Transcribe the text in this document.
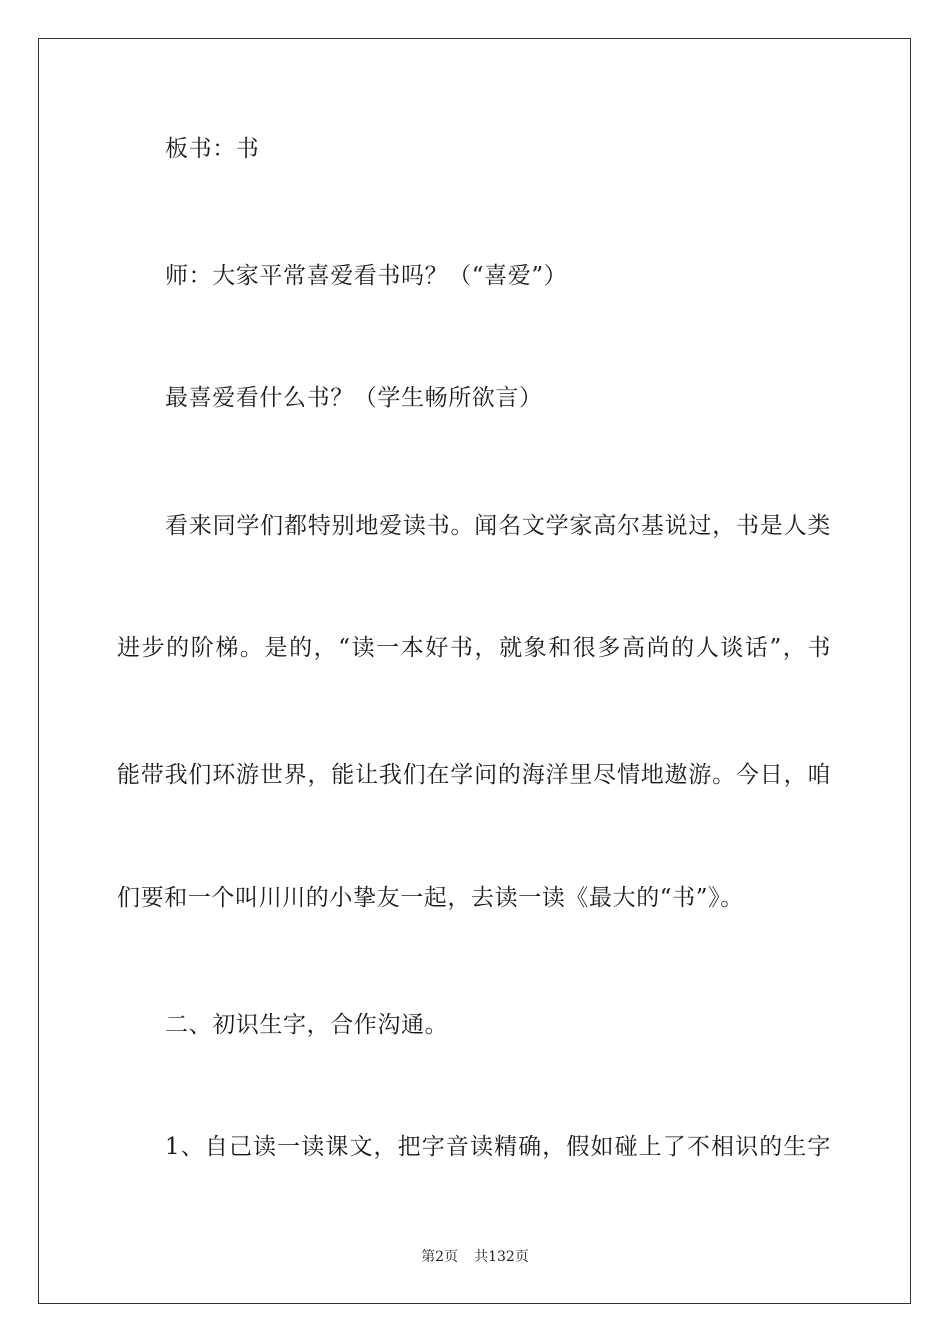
板书：书
师：大家平常喜爱看书吗？（“喜爱”）
最喜爱看什么书？（学生畅所欲言）
看来同学们都特别地爱读书。闻名文学家高尔基说过，书是人类
进步的阶梯。是的，“读一本好书，就象和很多高尚的人谈话”，书
能带我们环游世界，能让我们在学问的海洋里尽情地遨游。今日，咱
们要和一个叫川川的小挚友一起，去读一读《最大的“书”》。
二、初识生字，合作沟通。
1、自己读一读课文，把字音读精确，假如碰上了不相识的生字
第2页 共132页
